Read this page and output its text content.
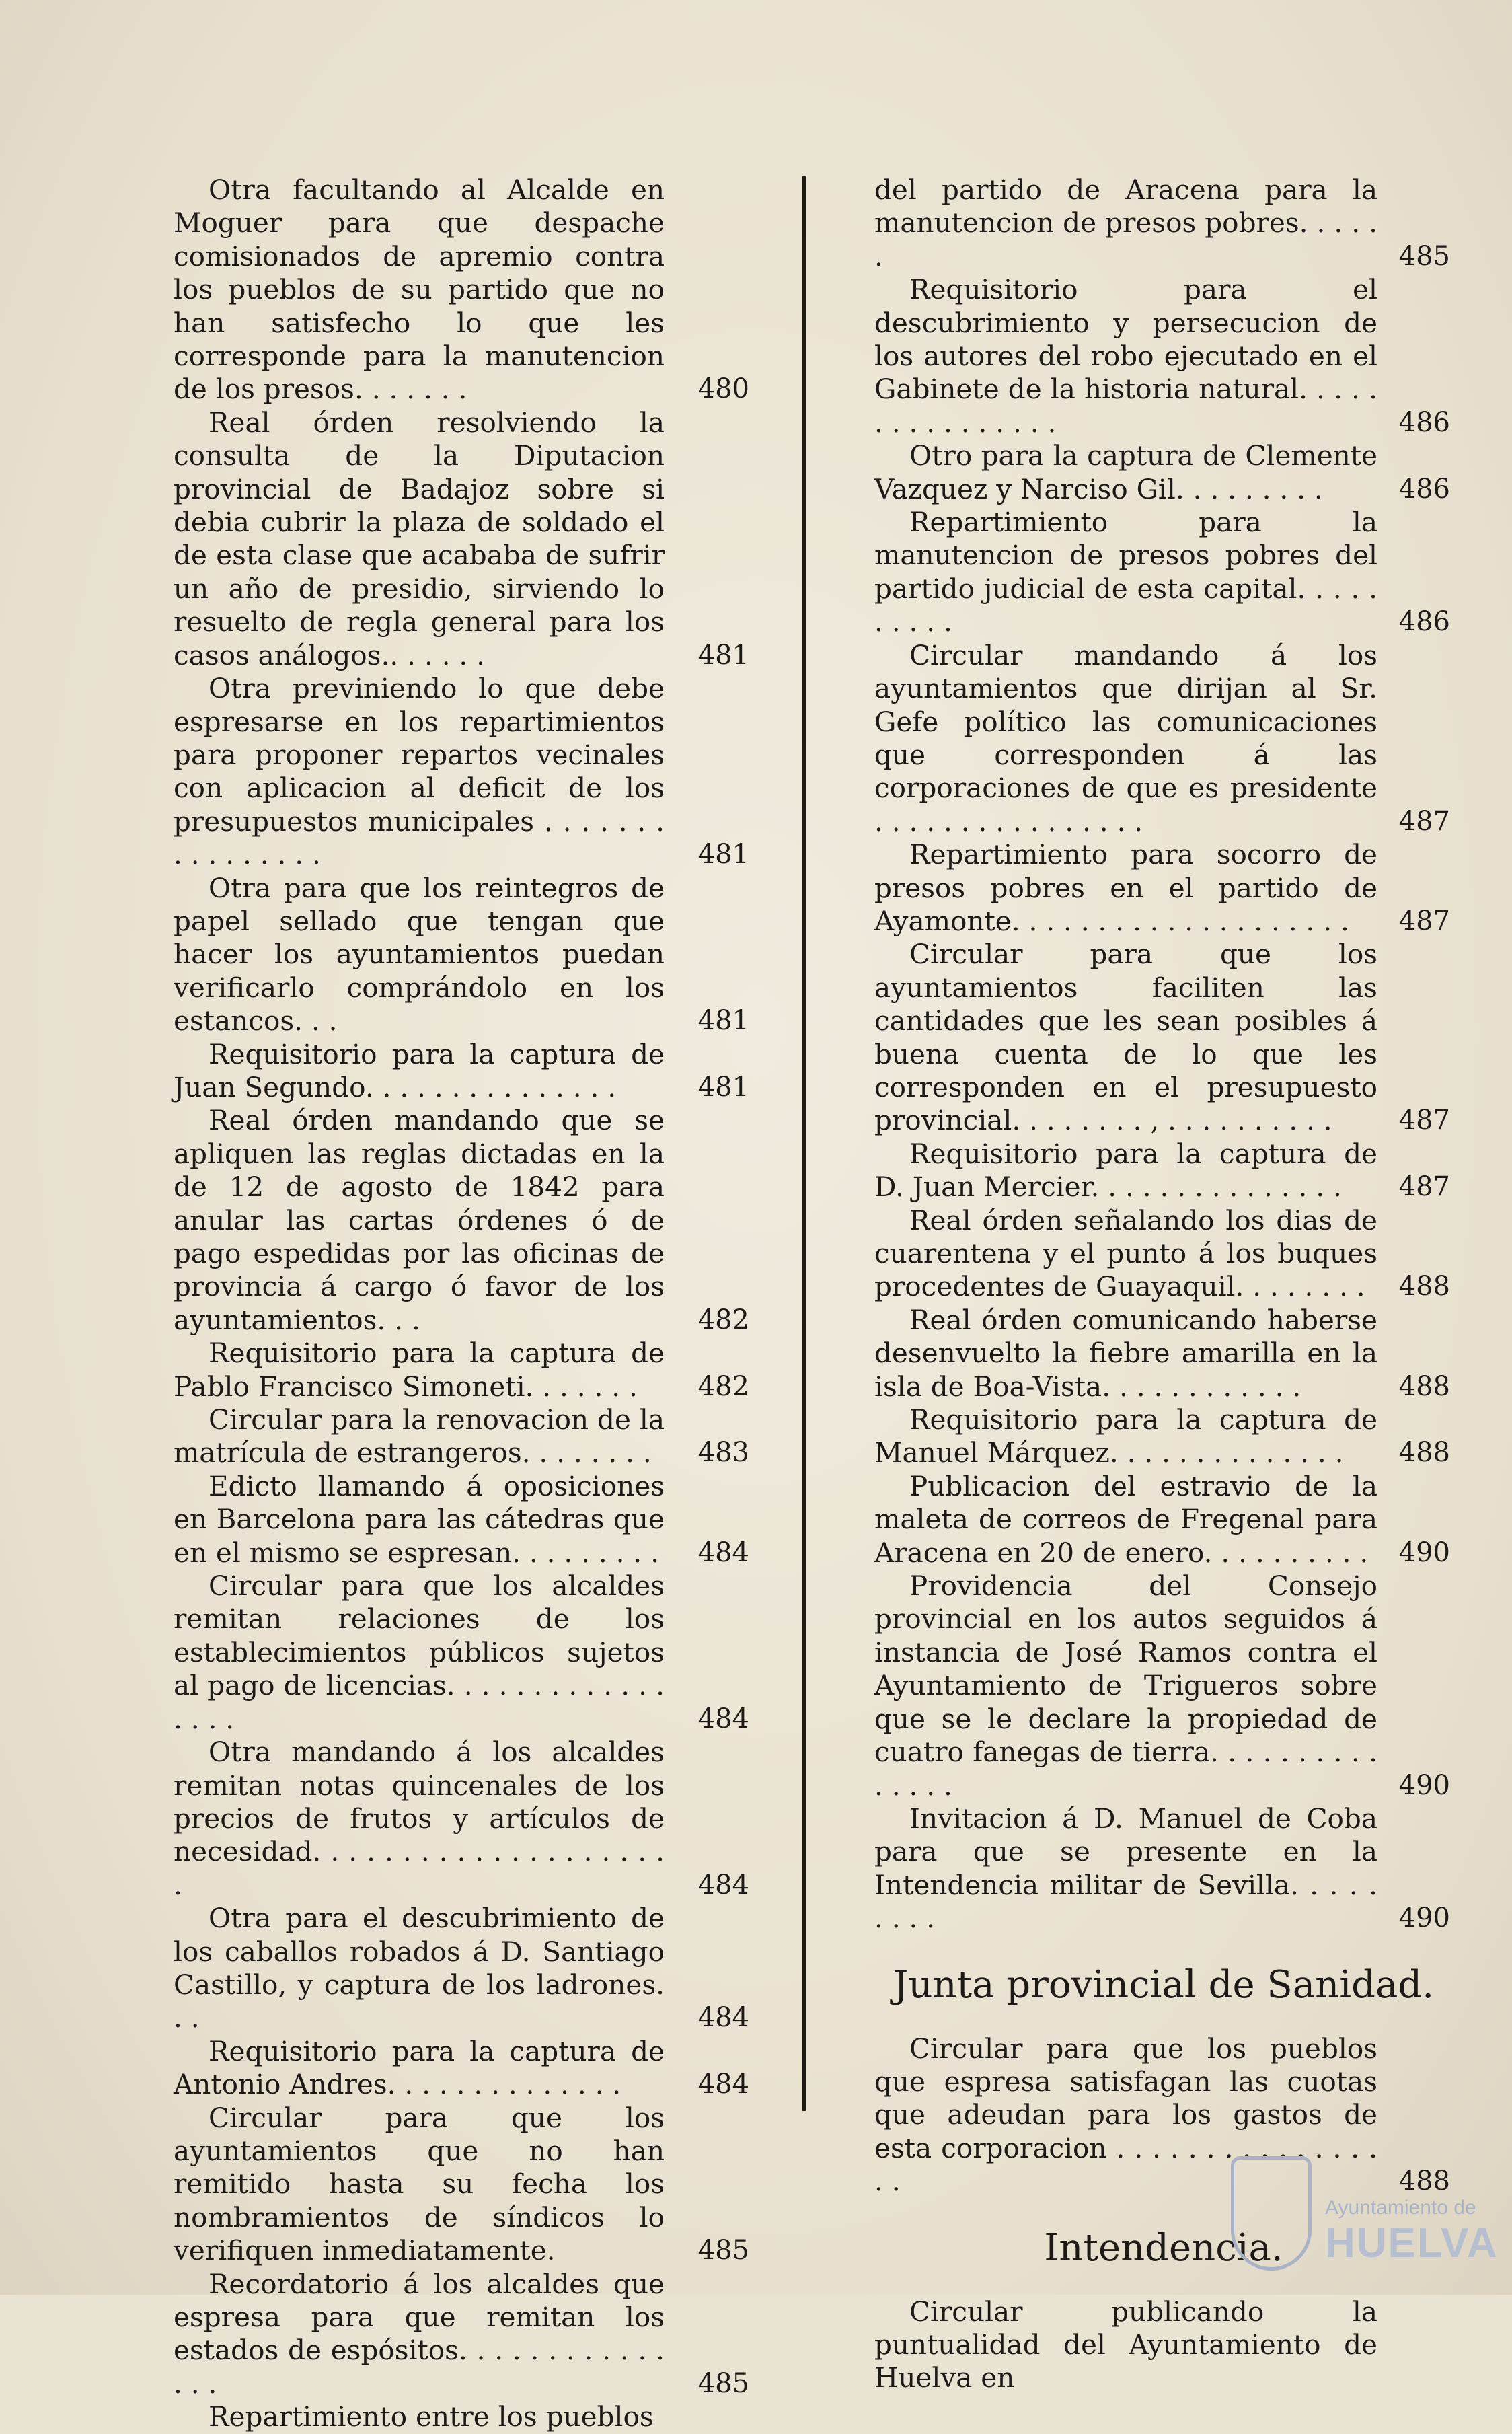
Otra facultando al Alcalde en Moguer para que despache comisionados de apremio contra los pueblos de su partido que no han satisfecho lo que les corresponde para la manutencion de los presos. . . . . . .	480
Real órden resolviendo la consulta de la Diputacion provincial de Badajoz sobre si debia cubrir la plaza de soldado el de esta clase que acababa de sufrir un año de presidio, sirviendo lo resuelto de regla general para los casos análogos.. . . . . .	481
Otra previniendo lo que debe espresarse en los repartimientos para proponer repartos vecinales con aplicacion al deficit de los presupuestos municipales . . . . . . . . . . . . . . . .	481
Otra para que los reintegros de papel sellado que tengan que hacer los ayuntamientos puedan verificarlo comprándolo en los estancos. . .	481
Requisitorio para la captura de Juan Segundo. . . . . . . . . . . . . . .	481
Real órden mandando que se apliquen las reglas dictadas en la de 12 de agosto de 1842 para anular las cartas órdenes ó de pago espedidas por las oficinas de provincia á cargo ó favor de los ayuntamientos. . .	482
Requisitorio para la captura de Pablo Francisco Simoneti. . . . . . . 482
Circular para la renovacion de la matrícula de estrangeros. . . . . . . . 483
Edicto llamando á oposiciones en Barcelona para las cátedras que en el mismo se espresan. . . . . . . . . 484
Circular para que los alcaldes remitan relaciones de los establecimientos públicos sujetos al pago de licencias. . . . . . . . . . . . . . . . .	484
Otra mandando á los alcaldes remitan notas quincenales de los precios de frutos y artículos de necesidad. . . . . . . . . . . . . . . . . . . . .	484
Otra para el descubrimiento de los caballos robados á D. Santiago Castillo, y captura de los ladrones. . .	484
Requisitorio para la captura de Antonio Andres. . . . . . . . . . . . . .	484
Circular para que los ayuntamientos que no han remitido hasta su fecha los nombramientos de síndicos lo verifiquen inmediatamente.	485
Recordatorio á los alcaldes que espresa para que remitan los estados de espósitos. . . . . . . . . . . . . . .	485
Repartimiento entre los pueblos
del partido de Aracena para la manutencion de presos pobres. . . . . .	485
Requisitorio para el descubrimiento y persecucion de los autores del robo ejecutado en el Gabinete de la historia natural. . . . . . . . . . . . . . . .	486
Otro para la captura de Clemente Vazquez y Narciso Gil. . . . . . . . .	486
Repartimiento para la manutencion de presos pobres del partido judicial de esta capital. . . . . . . . . .	486
Circular mandando á los ayuntamientos que dirijan al Sr. Gefe político las comunicaciones que corresponden á las corporaciones de que es presidente . . . . . . . . . . . . . . . .	487
Repartimiento para socorro de presos pobres en el partido de Ayamonte. . . . . . . . . . . . . . . . . . . . 487
Circular para que los ayuntamientos faciliten las cantidades que les sean posibles á buena cuenta de lo que les corresponden en el presupuesto provincial. . . . . . . . , . . . . . . . . . . 487
Requisitorio para la captura de D. Juan Mercier. . . . . . . . . . . . . . . 487
Real órden señalando los dias de cuarentena y el punto á los buques procedentes de Guayaquil. . . . . . . . 488
Real órden comunicando haberse desenvuelto la fiebre amarilla en la isla de Boa-Vista. . . . . . . . . . . .	488
Requisitorio para la captura de Manuel Márquez. . . . . . . . . . . . . . 488
Publicacion del estravio de la maleta de correos de Fregenal para Aracena en 20 de enero. . . . . . . . . . 490
Providencia del Consejo provincial en los autos seguidos á instancia de José Ramos contra el Ayuntamiento de Trigueros sobre que se le declare la propiedad de cuatro fanegas de tierra. . . . . . . . . . . . . . .	490
Invitacion á D. Manuel de Coba para que se presente en la Intendencia militar de Sevilla. . . . . . . . .	490
Junta provincial de Sanidad.
Circular para que los pueblos que espresa satisfagan las cuotas que adeudan para los gastos de esta corporacion . . . . . . . . . . . . . . . . .	488
Intendencia.
Circular publicando la puntualidad del Ayuntamiento de Huelva en
Ayuntamiento de
HUELVA
